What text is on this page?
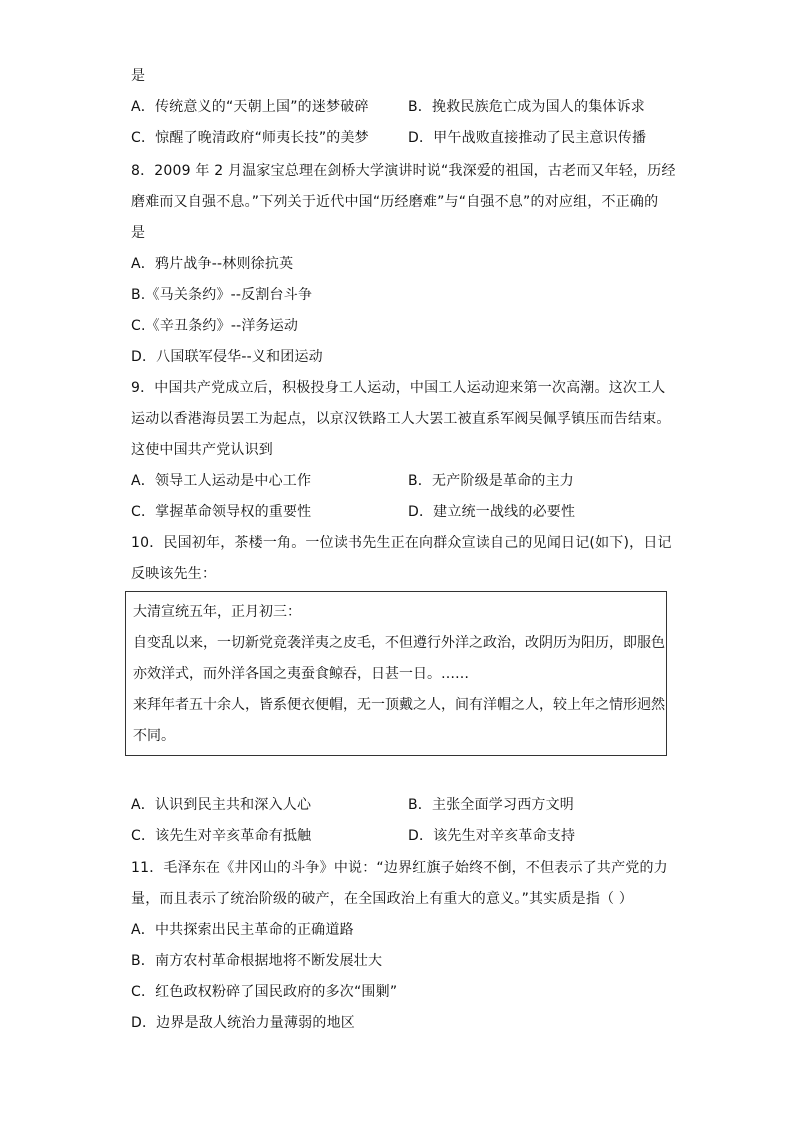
是
A．传统意义的“天朝上国”的迷梦破碎	B．挽救民族危亡成为国人的集体诉求
C．惊醒了晚清政府“师夷长技”的美梦	D．甲午战败直接推动了民主意识传播
8．2009 年 2 月温家宝总理在剑桥大学演讲时说“我深爱的祖国，古老而又年轻，历经
磨难而又自强不息。”下列关于近代中国“历经磨难”与“自强不息”的对应组，不正确的
是
A．鸦片战争--林则徐抗英
B.《马关条约》--反割台斗争
C.《辛丑条约》--洋务运动
D．八国联军侵华--义和团运动
9．中国共产党成立后，积极投身工人运动，中国工人运动迎来第一次高潮。这次工人
运动以香港海员罢工为起点，以京汉铁路工人大罢工被直系军阀吴佩孚镇压而告结束。
这使中国共产党认识到
A．领导工人运动是中心工作	B．无产阶级是革命的主力
C．掌握革命领导权的重要性	D．建立统一战线的必要性
10．民国初年，茶楼一角。一位读书先生正在向群众宣读自己的见闻日记(如下)，日记
反映该先生：
大清宣统五年，正月初三：
自变乱以来，一切新党竞袭洋夷之皮毛，不但遵行外洋之政治，改阴历为阳历，即服色
亦效洋式，而外洋各国之夷蚕食鲸吞，日甚一日。……
来拜年者五十余人，皆系便衣便帽，无一顶戴之人，间有洋帽之人，较上年之情形迥然
不同。
A．认识到民主共和深入人心	B．主张全面学习西方文明
C．该先生对辛亥革命有抵触	D．该先生对辛亥革命支持
11．毛泽东在《井冈山的斗争》中说：“边界红旗子始终不倒，不但表示了共产党的力
量，而且表示了统治阶级的破产，在全国政治上有重大的意义。”其实质是指（ ）
A．中共探索出民主革命的正确道路
B．南方农村革命根据地将不断发展壮大
C．红色政权粉碎了国民政府的多次“围剿”
D．边界是敌人统治力量薄弱的地区
